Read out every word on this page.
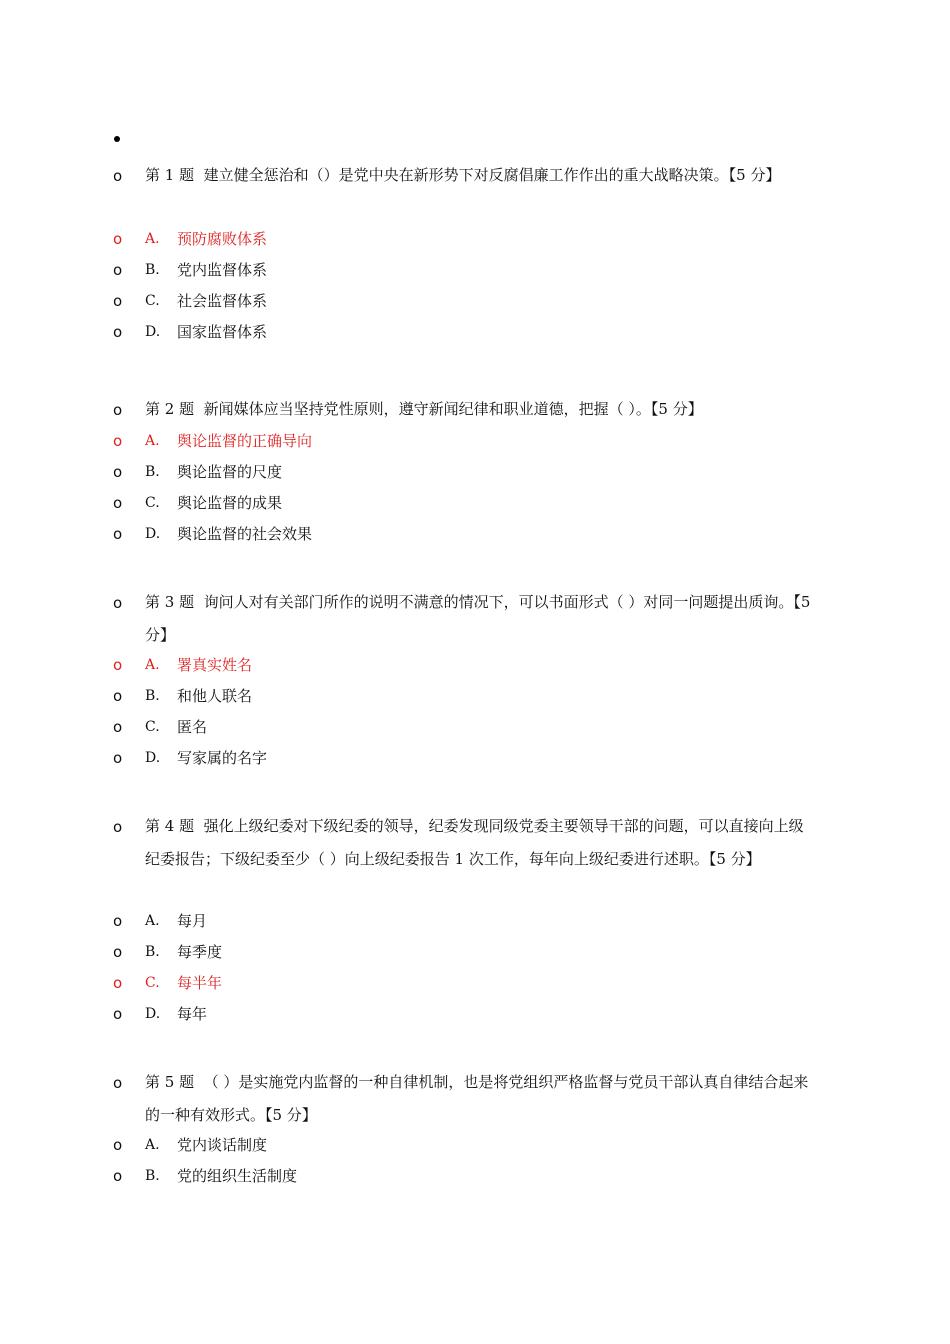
o 第 1 题 建立健全惩治和（）是党中央在新形势下对反腐倡廉工作作出的重大战略决策。【5 分】
o A. 预防腐败体系
o B. 党内监督体系
o C. 社会监督体系
o D. 国家监督体系
o 第 2 题 新闻媒体应当坚持党性原则，遵守新闻纪律和职业道德，把握（ ）。【5 分】
o A. 舆论监督的正确导向
o B. 舆论监督的尺度
o C. 舆论监督的成果
o D. 舆论监督的社会效果
o 第 3 题 询问人对有关部门所作的说明不满意的情况下，可以书面形式（ ）对同一问题提出质询。【5 分】
o A. 署真实姓名
o B. 和他人联名
o C. 匿名
o D. 写家属的名字
o 第 4 题 强化上级纪委对下级纪委的领导，纪委发现同级党委主要领导干部的问题，可以直接向上级纪委报告；下级纪委至少（ ）向上级纪委报告 1 次工作，每年向上级纪委进行述职。【5 分】
o A. 每月
o B. 每季度
o C. 每半年
o D. 每年
o 第 5 题 （ ）是实施党内监督的一种自律机制，也是将党组织严格监督与党员干部认真自律结合起来的一种有效形式。【5 分】
o A. 党内谈话制度
o B. 党的组织生活制度
